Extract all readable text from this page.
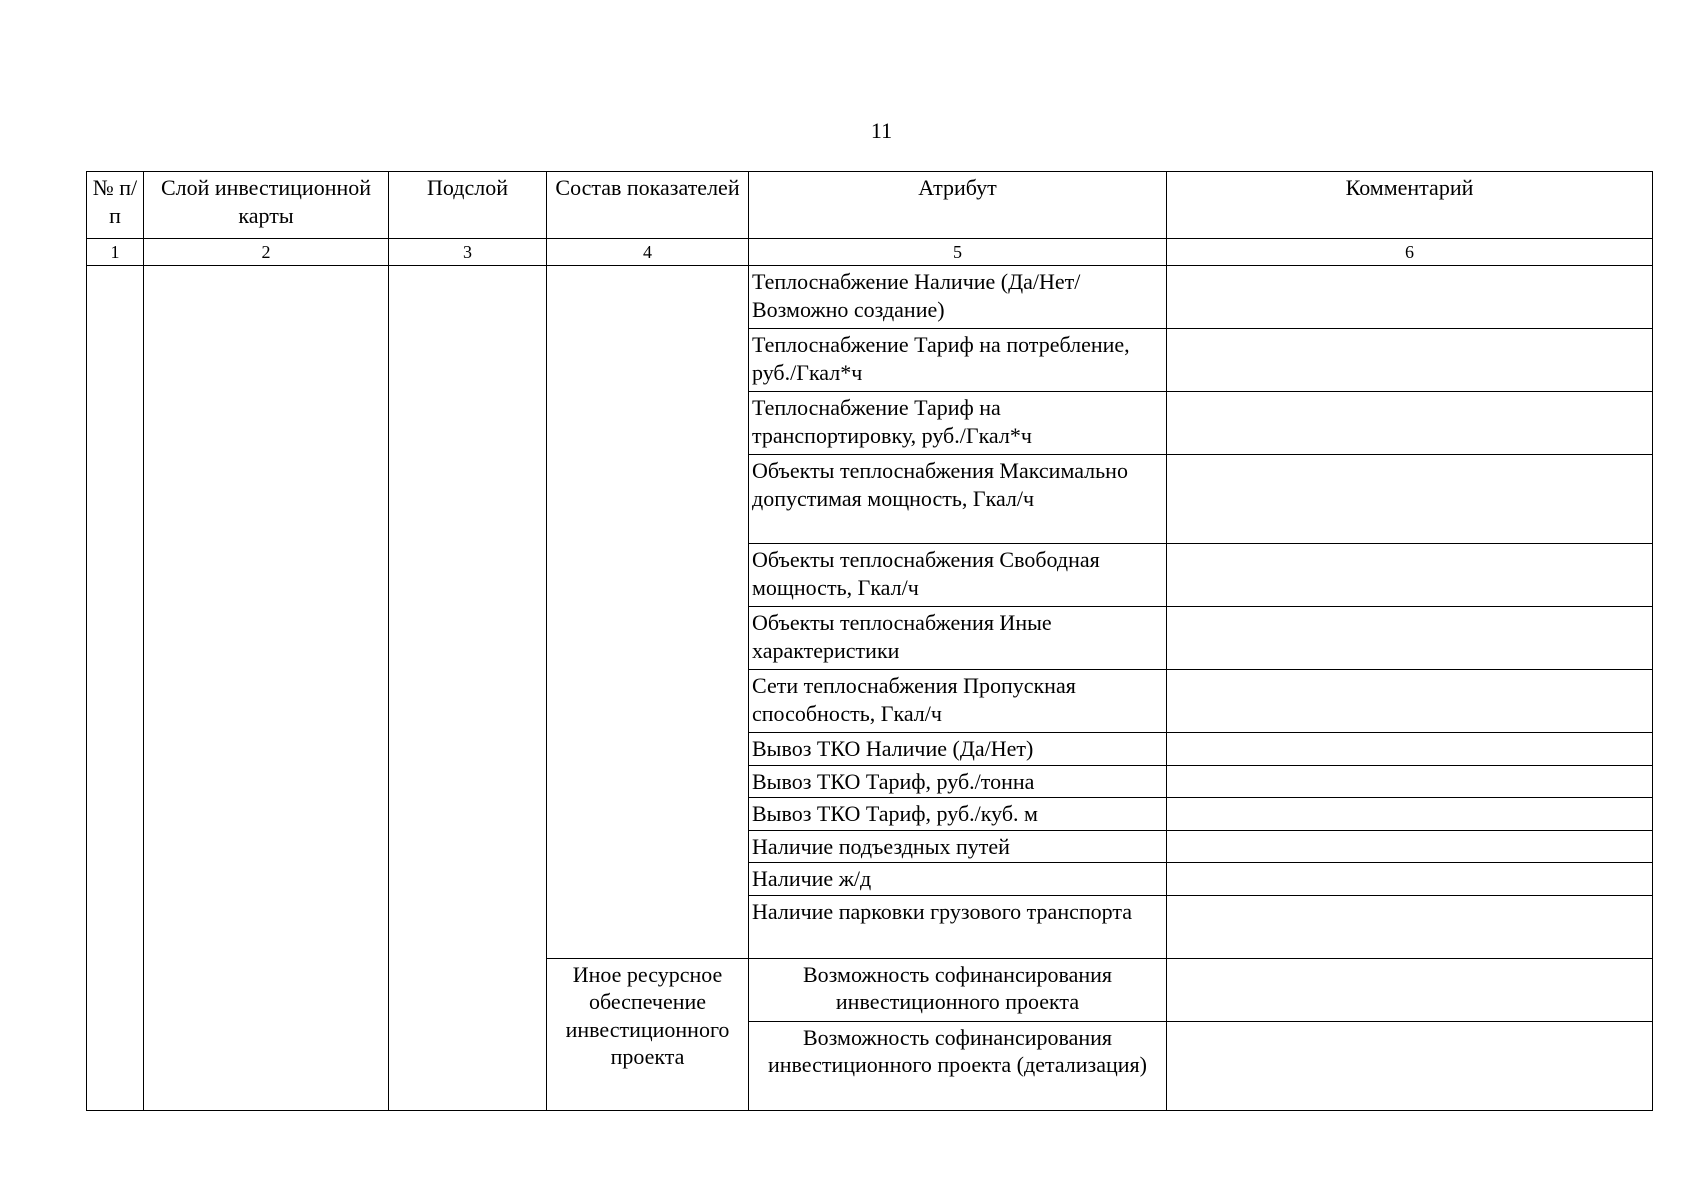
11
№ п/п	Слой инвестиционной карты	Подслой	Состав показателей	Атрибут	Комментарий
1	2	3	4	5	6
				Теплоснабжение Наличие (Да/Нет/Возможно создание)	
				Теплоснабжение Тариф на потребление, руб./Гкал*ч	
				Теплоснабжение Тариф на транспортировку, руб./Гкал*ч	
				Объекты теплоснабжения Максимально допустимая мощность, Гкал/ч	
				Объекты теплоснабжения Свободная мощность, Гкал/ч	
				Объекты теплоснабжения Иные характеристики	
				Сети теплоснабжения Пропускная способность, Гкал/ч	
				Вывоз ТКО Наличие (Да/Нет)	
				Вывоз ТКО Тариф, руб./тонна	
				Вывоз ТКО Тариф, руб./куб. м	
				Наличие подъездных путей	
				Наличие ж/д	
				Наличие парковки грузового транспорта	
			Иное ресурсное обеспечение инвестиционного проекта	Возможность софинансирования инвестиционного проекта	
				Возможность софинансирования инвестиционного проекта (детализация)	
